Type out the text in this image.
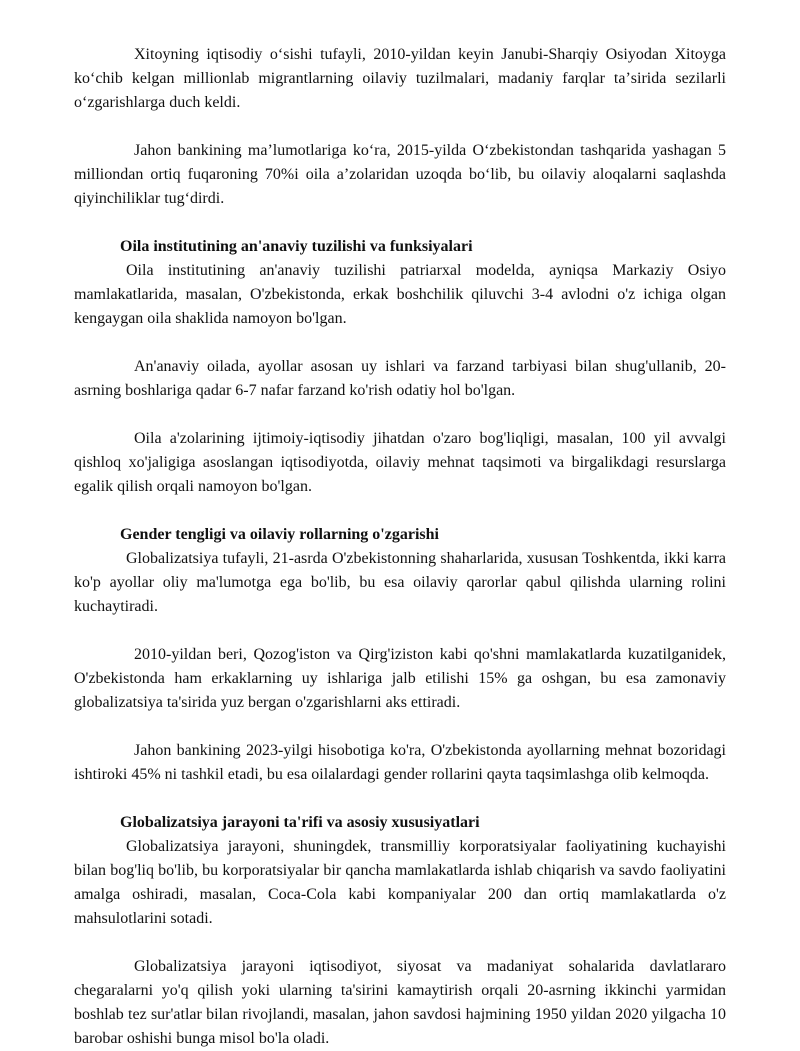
Xitoyning iqtisodiy oʻsishi tufayli, 2010-yildan keyin Janubi-Sharqiy Osiyodan Xitoyga koʻchib kelgan millionlab migrantlarning oilaviy tuzilmalari, madaniy farqlar taʼsirida sezilarli oʻzgarishlarga duch keldi.

Jahon bankining maʼlumotlariga koʻra, 2015-yilda Oʻzbekistondan tashqarida yashagan 5 milliondan ortiq fuqaroning 70%i oila aʼzolaridan uzoqda boʻlib, bu oilaviy aloqalarni saqlashda qiyinchiliklar tugʻdirdi.

Oila institutining an'anaviy tuzilishi va funksiyalari

Oila institutining an'anaviy tuzilishi patriarxal modelda, ayniqsa Markaziy Osiyo mamlakatlarida, masalan, O'zbekistonda, erkak boshchilik qiluvchi 3-4 avlodni o'z ichiga olgan kengaygan oila shaklida namoyon bo'lgan.

An'anaviy oilada, ayollar asosan uy ishlari va farzand tarbiyasi bilan shug'ullanib, 20-asrning boshlariga qadar 6-7 nafar farzand ko'rish odatiy hol bo'lgan.

Oila a'zolarining ijtimoiy-iqtisodiy jihatdan o'zaro bog'liqligi, masalan, 100 yil avvalgi qishloq xo'jaligiga asoslangan iqtisodiyotda, oilaviy mehnat taqsimoti va birgalikdagi resurslarga egalik qilish orqali namoyon bo'lgan.

Gender tengligi va oilaviy rollarning o'zgarishi

Globalizatsiya tufayli, 21-asrda O'zbekistonning shaharlarida, xususan Toshkentda, ikki karra ko'p ayollar oliy ma'lumotga ega bo'lib, bu esa oilaviy qarorlar qabul qilishda ularning rolini kuchaytiradi.

2010-yildan beri, Qozog'iston va Qirg'iziston kabi qo'shni mamlakatlarda kuzatilganidek, O'zbekistonda ham erkaklarning uy ishlariga jalb etilishi 15% ga oshgan, bu esa zamonaviy globalizatsiya ta'sirida yuz bergan o'zgarishlarni aks ettiradi.

Jahon bankining 2023-yilgi hisobotiga ko'ra, O'zbekistonda ayollarning mehnat bozoridagi ishtiroki 45% ni tashkil etadi, bu esa oilalardagi gender rollarini qayta taqsimlashga olib kelmoqda.

Globalizatsiya jarayoni ta'rifi va asosiy xususiyatlari

Globalizatsiya jarayoni, shuningdek, transmilliy korporatsiyalar faoliyatining kuchayishi bilan bog'liq bo'lib, bu korporatsiyalar bir qancha mamlakatlarda ishlab chiqarish va savdo faoliyatini amalga oshiradi, masalan, Coca-Cola kabi kompaniyalar 200 dan ortiq mamlakatlarda o'z mahsulotlarini sotadi.

Globalizatsiya jarayoni iqtisodiyot, siyosat va madaniyat sohalarida davlatlararo chegaralarni yo'q qilish yoki ularning ta'sirini kamaytirish orqali 20-asrning ikkinchi yarmidan boshlab tez sur'atlar bilan rivojlandi, masalan, jahon savdosi hajmining 1950 yildan 2020 yilgacha 10 barobar oshishi bunga misol bo'la oladi.
